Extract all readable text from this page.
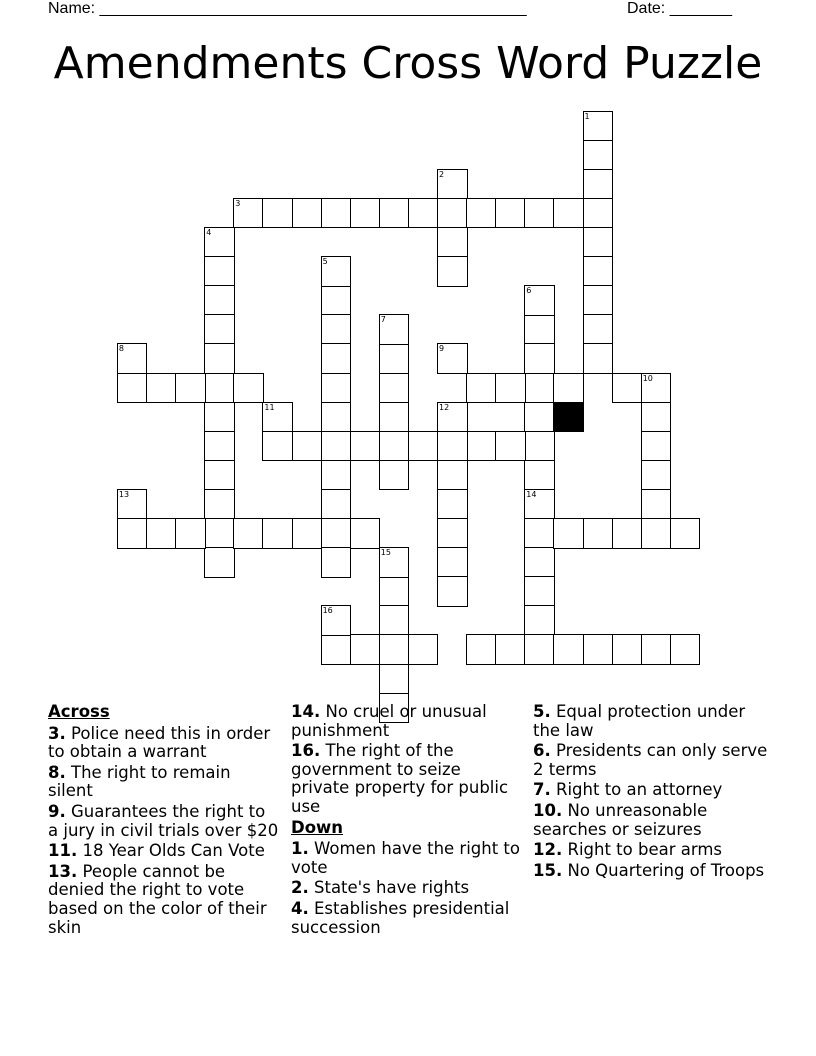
Name: ________________________________________________	Date: _______
Amendments Cross Word Puzzle
1
2
3
4
14
5
6
7
8	9
10
11	12
13
15
16
Across
3. Police need this in order to obtain a warrant
8. The right to remain silent
9. Guarantees the right to a jury in civil trials over $20
11. 18 Year Olds Can Vote
13. People cannot be denied the right to vote based on the color of their skin
14. No cruel or unusual punishment
16. The right of the government to seize private property for public use
Down
1. Women have the right to vote
2. State's have rights
4. Establishes presidential succession
5. Equal protection under the law
6. Presidents can only serve 2 terms
7. Right to an attorney
10. No unreasonable searches or seizures
12. Right to bear arms
15. No Quartering of Troops
